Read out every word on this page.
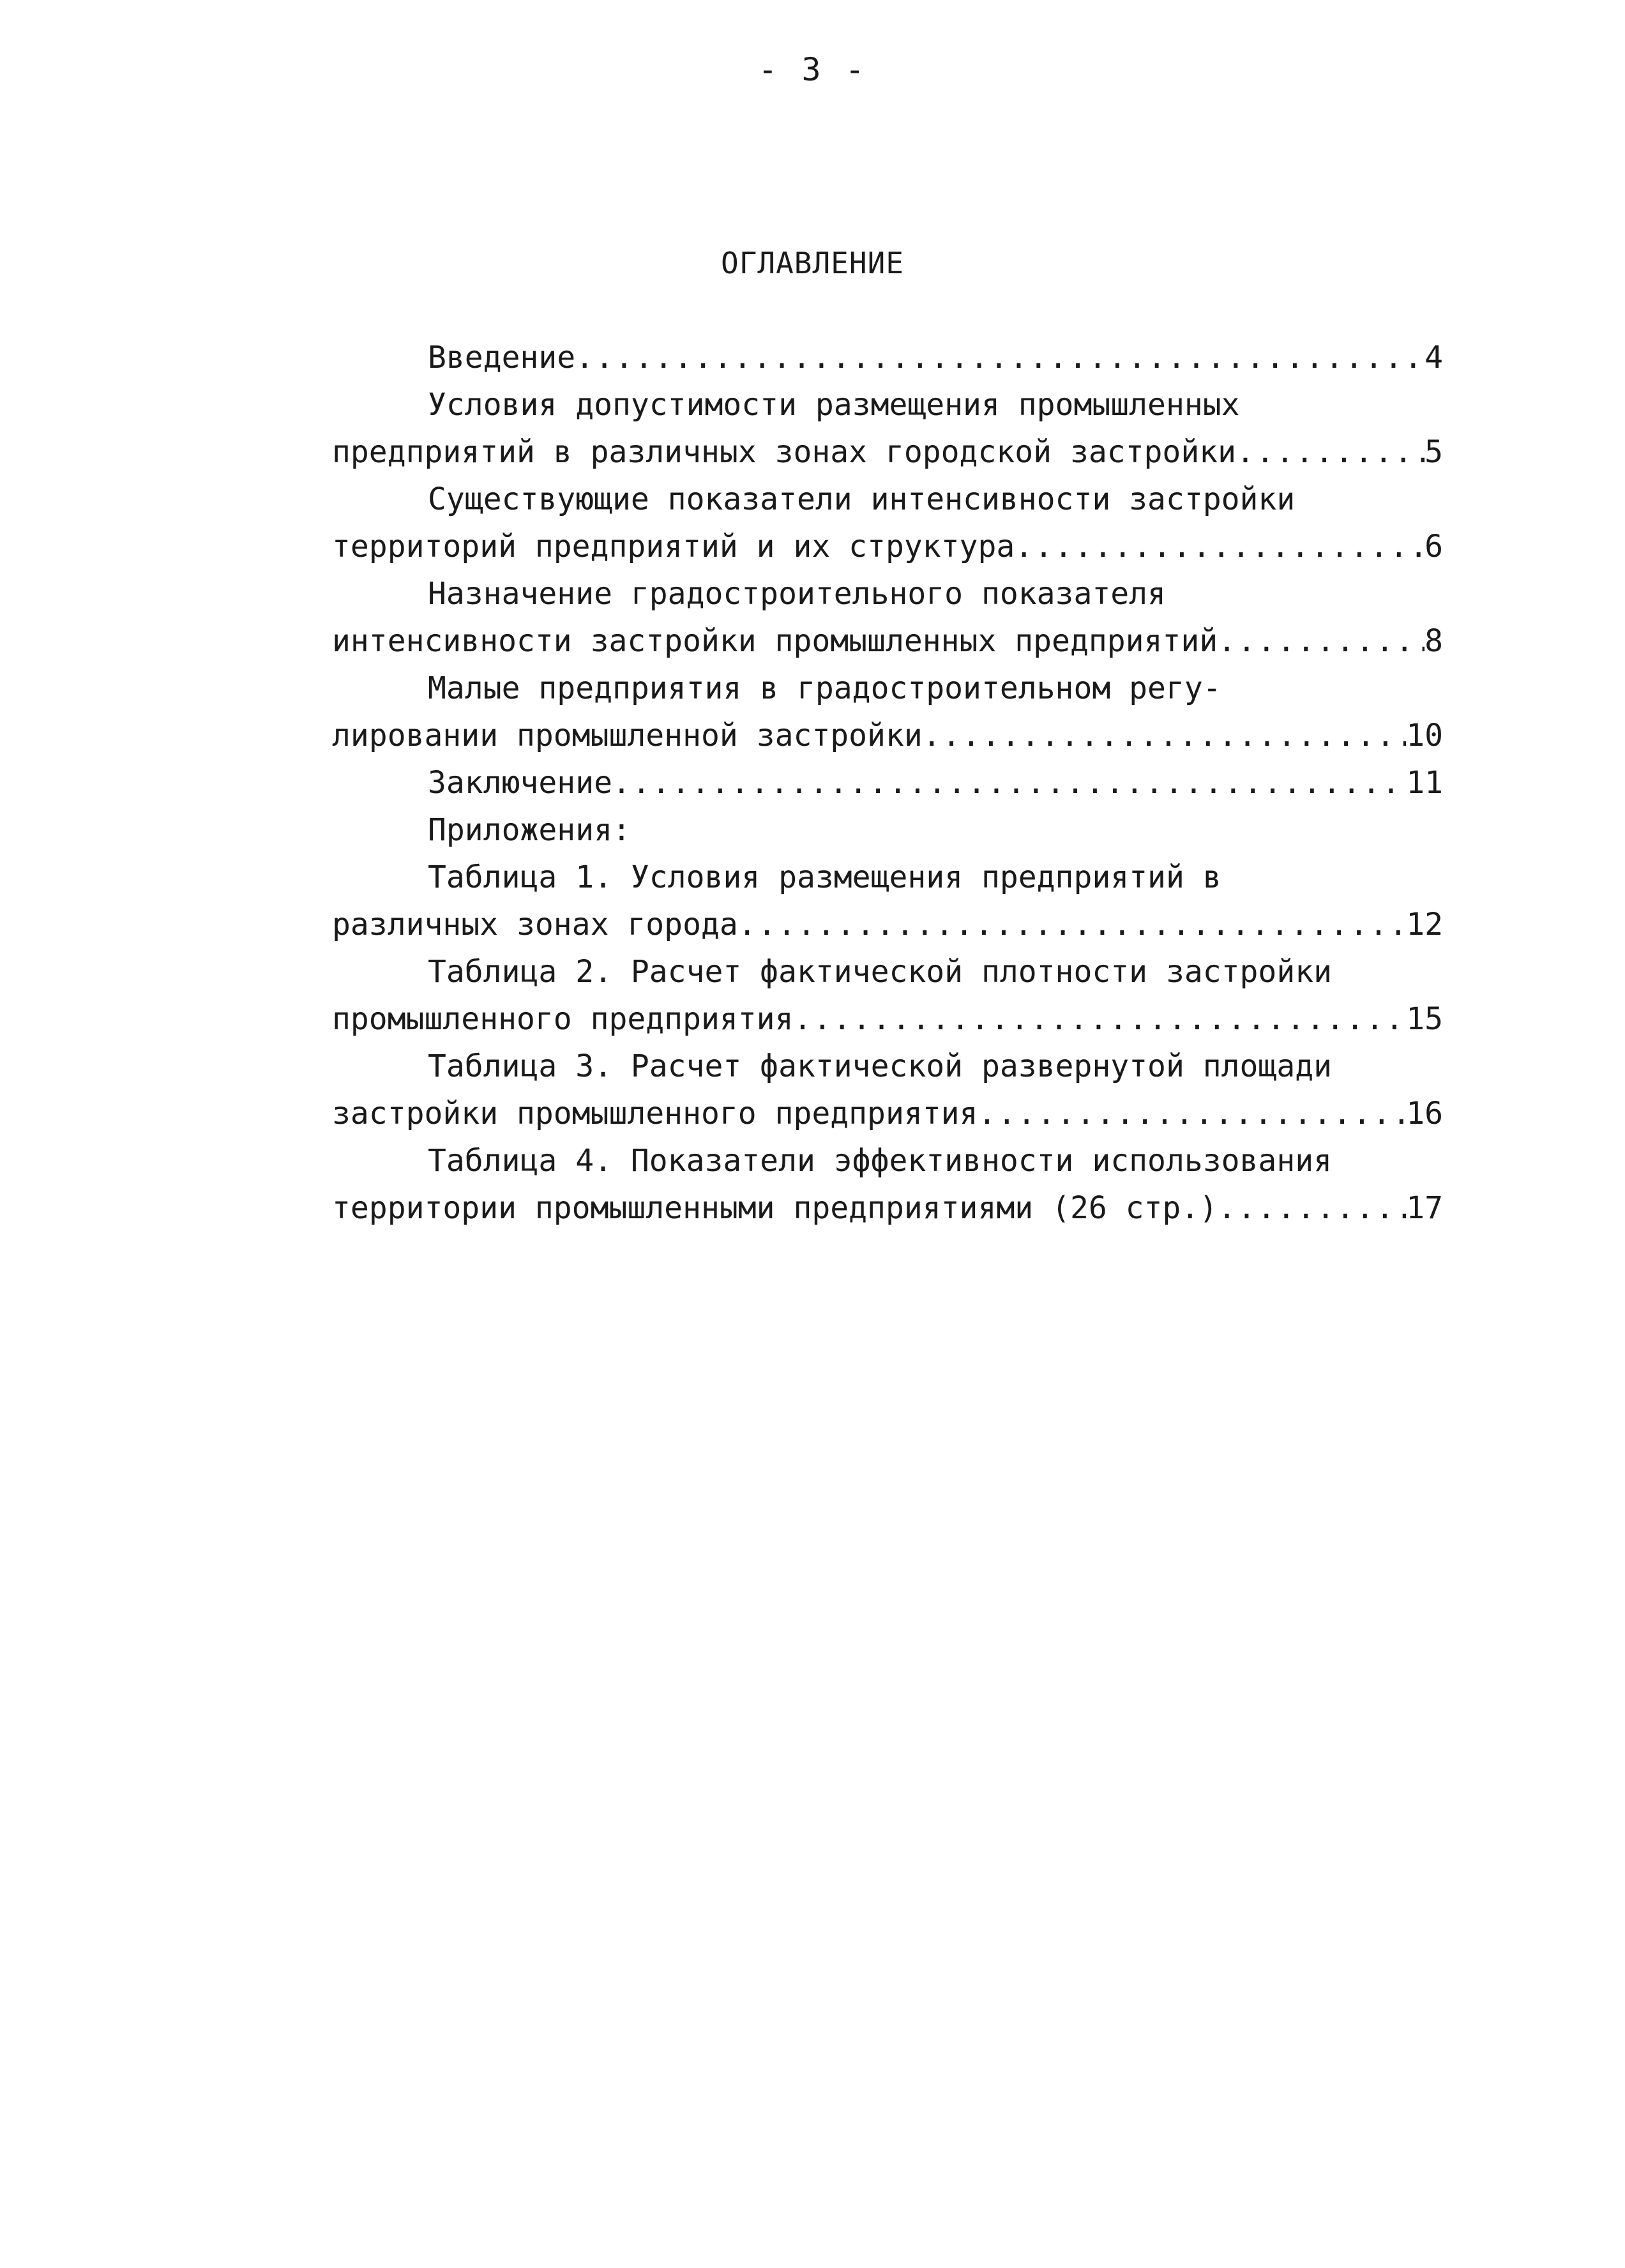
- 3 -
ОГЛАВЛЕНИЕ
Введение .....	4
Условия допустимости размещения промышленных
предприятий в различных зонах городской застройки .....	5
Существующие показатели интенсивности застройки
территорий предприятий и их структура .....	6
Назначение градостроительного показателя
интенсивности застройки промышленных предприятий .....	8
Малые предприятия в градостроительном регу-
лировании промышленной застройки .....	10
Заключение .....	11
Приложения:
Таблица 1. Условия размещения предприятий в
различных зонах города .....	12
Таблица 2. Расчет фактической плотности застройки
промышленного предприятия .....	15
Таблица 3. Расчет фактической развернутой площади
застройки промышленного предприятия .....	16
Таблица 4. Показатели эффективности использования
территории промышленными предприятиями (26 стр.) .....	17
